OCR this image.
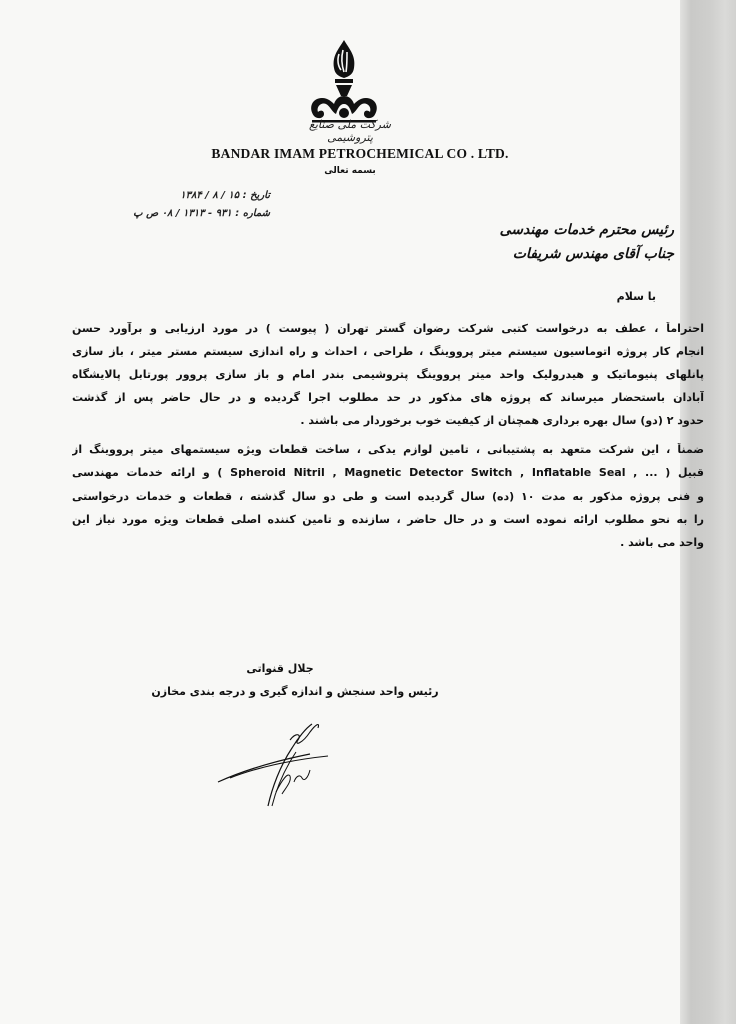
شرکت ملی صنایع پتروشیمی
BANDAR IMAM PETROCHEMICAL CO . LTD.
بسمه تعالی
تاریخ : ۱۵ / ۸ / ۱۳۸۴
شماره : ۹۳۱ - ۱۳۱۳ / ۰۸ ص پ
رئیس محترم خدمات مهندسی
جناب آقای مهندس شریفات
با سلام
احتراماً ، عطف به درخواست کتبی شرکت رضوان گستر تهران ( پیوست ) در مورد ارزیابی و برآورد حسن
انجام کار پروژه اتوماسیون سیستم میتر پرووینگ ، طراحی ، احداث و راه اندازی سیستم مستر میتر ، باز سازی
پانلهای پنیوماتیک و هیدرولیک واحد میتر پرووینگ پتروشیمی بندر امام و باز سازی پرووِر پورتابل پالایشگاه
آبادان باستحضار میرساند که پروژه های مذکور در حد مطلوب اجرا گردیده و در حال حاضر پس از گذشت
حدود ۲ (دو) سال بهره برداری همچنان از کیفیت خوب برخوردار می باشند .
ضمناً ، این شرکت متعهد به پشتیبانی ، تامین لوازم یدکی ، ساخت قطعات ویژه سیستمهای میتر پرووینگ از
قبیل ( ... , Spheroid Nitril , Magnetic Detector Switch , Inflatable Seal ) و ارائه خدمات مهندسی
و فنی پروژه مذکور به مدت ۱۰ (ده) سال گردیده است و طی دو سال گذشته ، قطعات و خدمات درخواستی
را به نحو مطلوب ارائه نموده است و در حال حاضر ، سازنده و تامین کننده اصلی قطعات ویژه مورد نیاز این
واحد می باشد .
جلال قنواتی
رئیس واحد سنجش و اندازه گیری و درجه بندی مخازن
